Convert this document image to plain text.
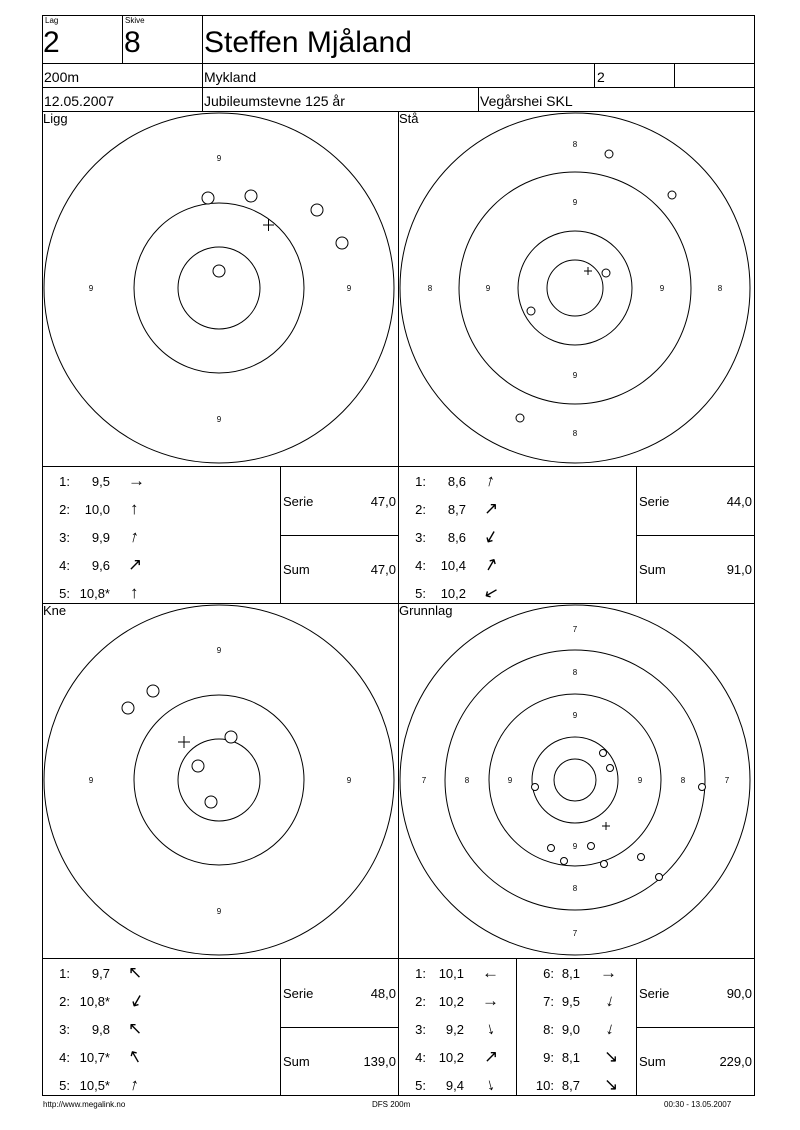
Lag
2
Skive
8 Steffen Mjåland
200m	Mykland	2
12.05.2007	Jubileumstevne 125 år	Vegårshei SKL
Ligg	Stå
Kne	Grunnlag
9
9	9
9
8
9
9
8
8	9	9	8
9
9	9
9
7
8
9
9
8
7
7	8	9	9	8	7
1:	9,5 →
2:	10,0 ↑
3:	9,9 ↑
4:	9,6 ↗
5: 10,8* ↑
Serie	47,0
Sum	47,0
1:	8,6 ↑
2:	8,7 ↗
3:	8,6 ↙
4:	10,4 ↗
5:	10,2 ↙
Serie	44,0
Sum	91,0
1:	9,7 ↖
2: 10,8* ↙
3:	9,8 ↖
4: 10,7* ↖
5: 10,5* ↑
Serie	48,0
Sum	139,0
1: 10,1 ←
2: 10,2 →
3:	9,2 ↓
4: 10,2 ↗
5:	9,4 ↓
6: 8,1 →
7: 9,5 ↓
8: 9,0 ↓
9: 8,1 ↘
10: 8,7 ↘
Serie	90,0
Sum	229,0
http://www.megalink.no	DFS 200m	00:30 - 13.05.2007
